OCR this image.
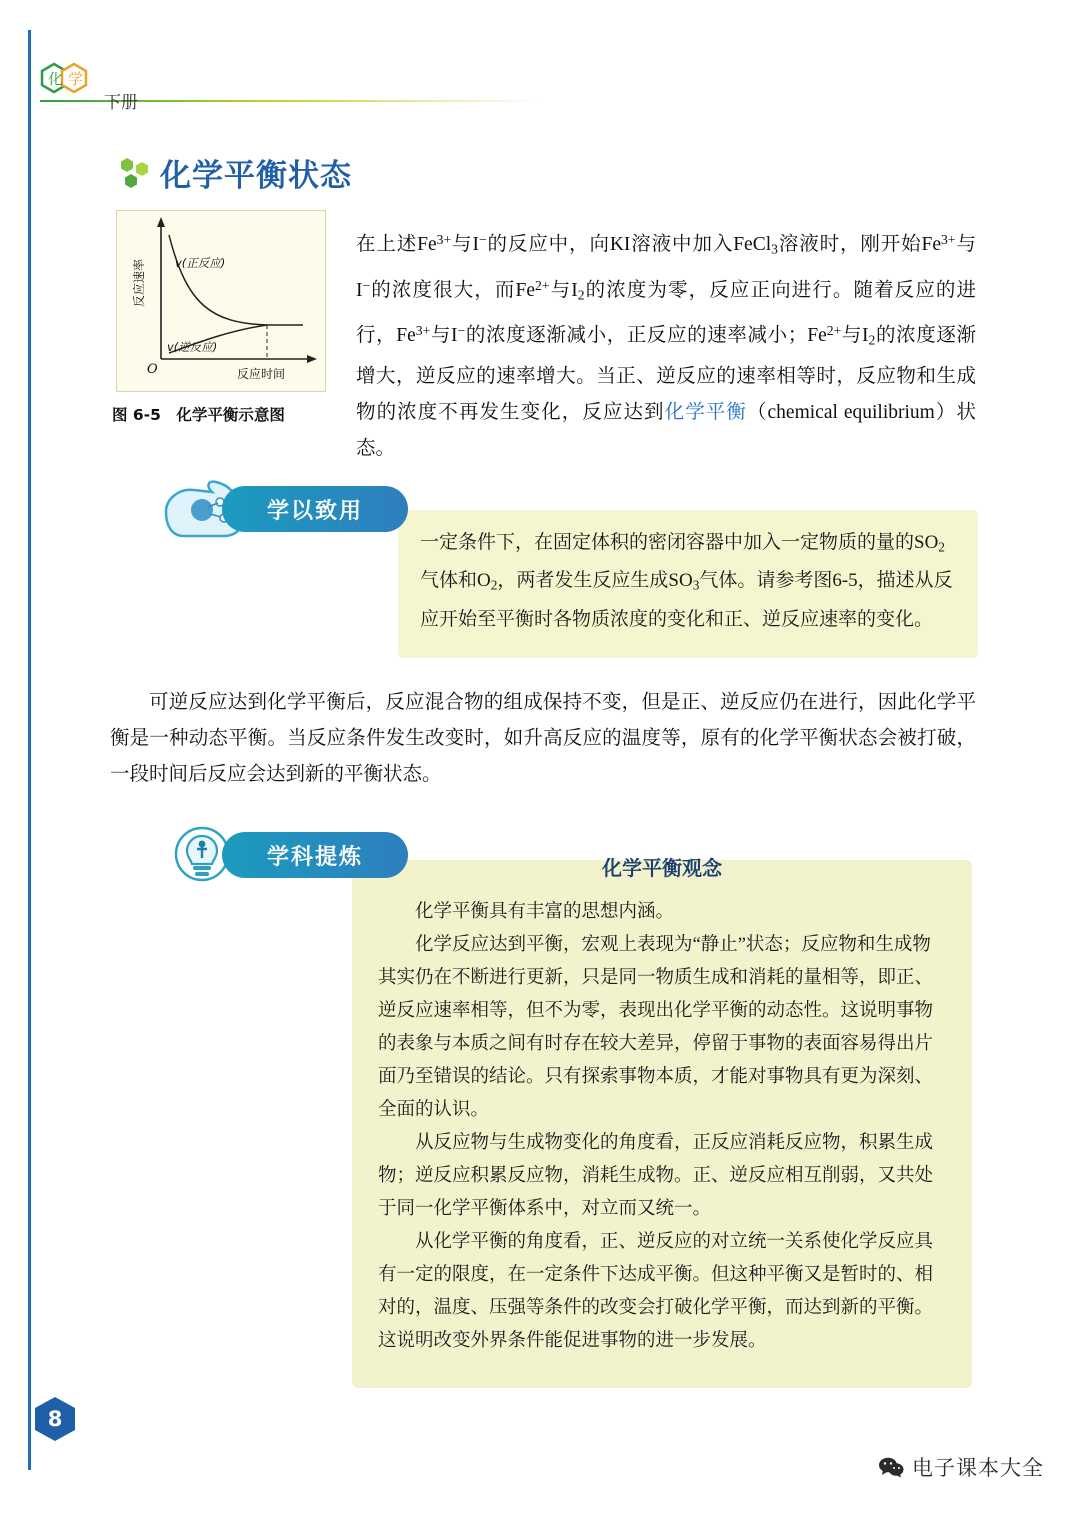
化 学
下册
化学平衡状态
反应速率	v(正反应)
v(逆反应)
O	反应时间
图 6-5　化学平衡示意图
在上述$Fe^{3+}$与I−的反应中，向KI溶液中加入FeCl$_3$溶液时，刚开始$Fe^{3+}$与I−的浓度很大，而$Fe^{2+}$与$I_2$的浓度为零，反应正向进行。随着反应的进行，$Fe^{3+}$与I−的浓度逐渐减小，正反应的速率减小；$Fe^{2+}$与$I_2$的浓度逐渐增大，逆反应的速率增大。当正、逆反应的速率相等时，反应物和生成物的浓度不再发生变化，反应达到化学平衡（chemical equilibrium）状态。
一定条件下，在固定体积的密闭容器中加入一定物质的量的$SO_2$气体和$O_2$，两者发生反应生成$SO_3$气体。请参考图6-5，描述从反应开始至平衡时各物质浓度的变化和正、逆反应速率的变化。
学以致用
可逆反应达到化学平衡后，反应混合物的组成保持不变，但是正、逆反应仍在进行，因此化学平衡是一种动态平衡。当反应条件发生改变时，如升高反应的温度等，原有的化学平衡状态会被打破，一段时间后反应会达到新的平衡状态。
化学平衡观念

化学平衡具有丰富的思想内涵。

化学反应达到平衡，宏观上表现为“静止”状态；反应物和生成物其实仍在不断进行更新，只是同一物质生成和消耗的量相等，即正、逆反应速率相等，但不为零，表现出化学平衡的动态性。这说明事物的表象与本质之间有时存在较大差异，停留于事物的表面容易得出片面乃至错误的结论。只有探索事物本质，才能对事物具有更为深刻、全面的认识。

从反应物与生成物变化的角度看，正反应消耗反应物，积累生成物；逆反应积累反应物，消耗生成物。正、逆反应相互削弱，又共处于同一化学平衡体系中，对立而又统一。

从化学平衡的角度看，正、逆反应的对立统一关系使化学反应具有一定的限度，在一定条件下达成平衡。但这种平衡又是暂时的、相对的，温度、压强等条件的改变会打破化学平衡，而达到新的平衡。这说明改变外界条件能促进事物的进一步发展。

学科提炼
8
电子课本大全
